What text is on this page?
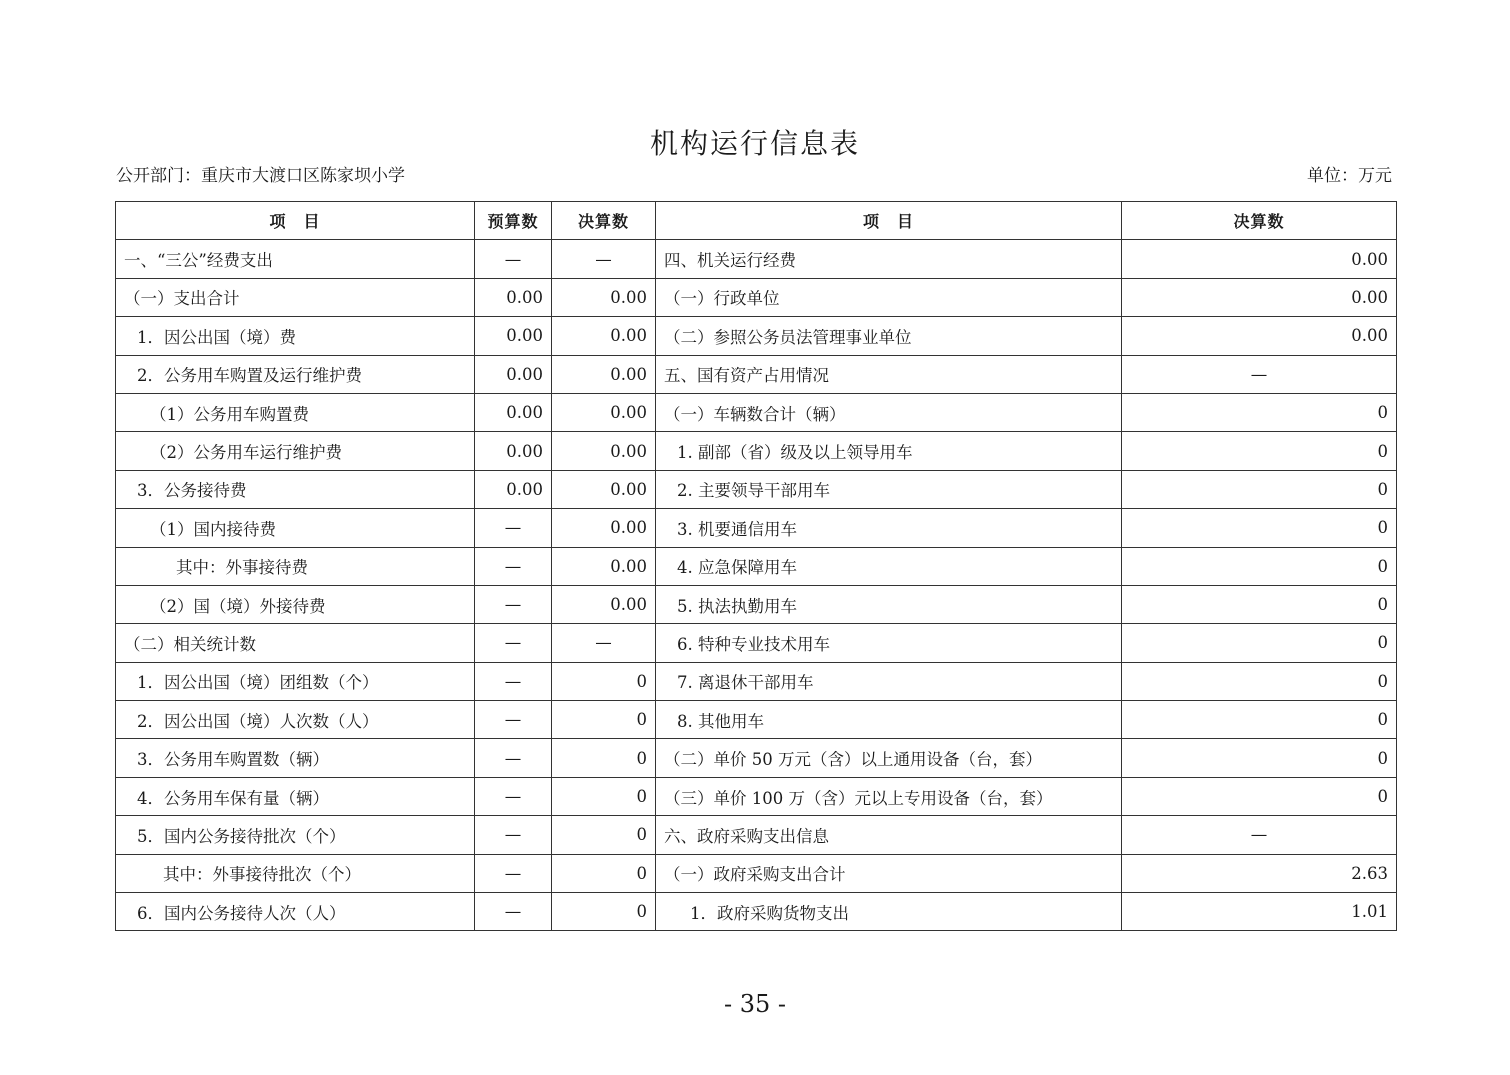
机构运行信息表
公开部门：重庆市大渡口区陈家坝小学	单位：万元
项　目	预算数	决算数	项　目	决算数
一、“三公”经费支出	—	—	四、机关运行经费	0.00
（一）支出合计	0.00	0.00	（一）行政单位	0.00
1．因公出国（境）费	0.00	0.00	（二）参照公务员法管理事业单位	0.00
2．公务用车购置及运行维护费	0.00	0.00	五、国有资产占用情况	—
（1）公务用车购置费	0.00	0.00	（一）车辆数合计（辆）	0
（2）公务用车运行维护费	0.00	0.00	1. 副部（省）级及以上领导用车	0
3．公务接待费	0.00	0.00	2. 主要领导干部用车	0
（1）国内接待费	—	0.00	3. 机要通信用车	0
其中：外事接待费	—	0.00	4. 应急保障用车	0
（2）国（境）外接待费	—	0.00	5. 执法执勤用车	0
（二）相关统计数	—	—	6. 特种专业技术用车	0
1．因公出国（境）团组数（个）	—	0	7. 离退休干部用车	0
2．因公出国（境）人次数（人）	—	0	8. 其他用车	0
3．公务用车购置数（辆）	—	0	（二）单价 50 万元（含）以上通用设备（台，套）	0
4．公务用车保有量（辆）	—	0	（三）单价 100 万（含）元以上专用设备（台，套）	0
5．国内公务接待批次（个）	—	0	六、政府采购支出信息	—
其中：外事接待批次（个）	—	0	（一）政府采购支出合计	2.63
6．国内公务接待人次（人）	—	0	1．政府采购货物支出	1.01
- 35 -
